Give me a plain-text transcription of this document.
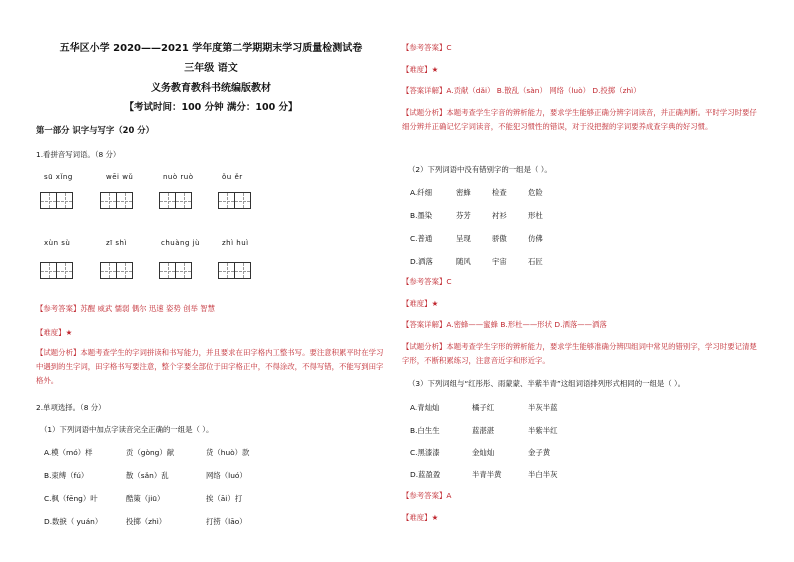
五华区小学 2020——2021 学年度第二学期期末学习质量检测试卷
三年级 语文
义务教育教科书统编版教材
【考试时间：100 分钟 满分：100 分】
第一部分 识字与写字（20 分）
1.看拼音写词语。（8 分）
sū xǐng	wēi wǔ	nuò ruò	ǒu ěr
xùn sù	zī shì	chuàng jù	zhì huì
【参考答案】苏醒 威武 懦弱 偶尔 迅速 姿势 创举 智慧
【难度】★
【试题分析】本题考查学生的字词拼读和书写能力，并且要求在田字格内工整书写。要注意积累平时在学习中遇到的生字词，田字格书写要注意，整个字要全部位于田字格正中，不得涂改，不得写错，不能写到田字格外。
2.单项选择。（8 分）
（1）下列词语中加点字读音完全正确的一组是（ ）。
A.模（mó）样	贡（gòng）献	货（huò）款
B.束缚（fú）	散（sǎn）乱	网络（luó）
C.枫（fēng）叶	酷策（jiū）	挨（āi）打
D.数捩（ yuán）	投掷（zhì）	打捞（lāo）
【参考答案】C
【难度】★
【答案详解】A.贡献（dǎi） B.散乱（sàn） 网络（luò） D.投掷（zhì）
【试题分析】本题考查学生字音的辨析能力，要求学生能够正确分辨字词读音，并正确判断。平时学习时要仔细分辨并正确记忆字词读音，不能犯习惯性的错误，对于没把握的字词要养成查字典的好习惯。
（2）下列词语中没有错别字的一组是（ ）。
A.纤细	密蜂	检查	危险
B.墨染	芬芳	衬衫	形杜
C.普通	呈现	骄傲	仿佛
D.洒落	随风	宇宙	石匠
【参考答案】C
【难度】★
【答案详解】A.密蜂——蜜蜂 B.形杜——形状 D.洒落——洒落
【试题分析】本题考查学生字形的辨析能力，要求学生能够准确分辨四组词中常见的错别字，学习时要记清楚字形，不断积累练习，注意音近字和形近字。
（3）下列词组与“红彤彤、雨蒙蒙、半紫半青”这组词语排列形式相同的一组是（ ）。
A.青灿灿	橘子红	半灰半蓝
B.白生生	蓝湛湛	半紫半红
C.黑漆漆	金灿灿	金子黄
D.蓝盈盈	半青半黄	半白半灰
【参考答案】A
【难度】★
